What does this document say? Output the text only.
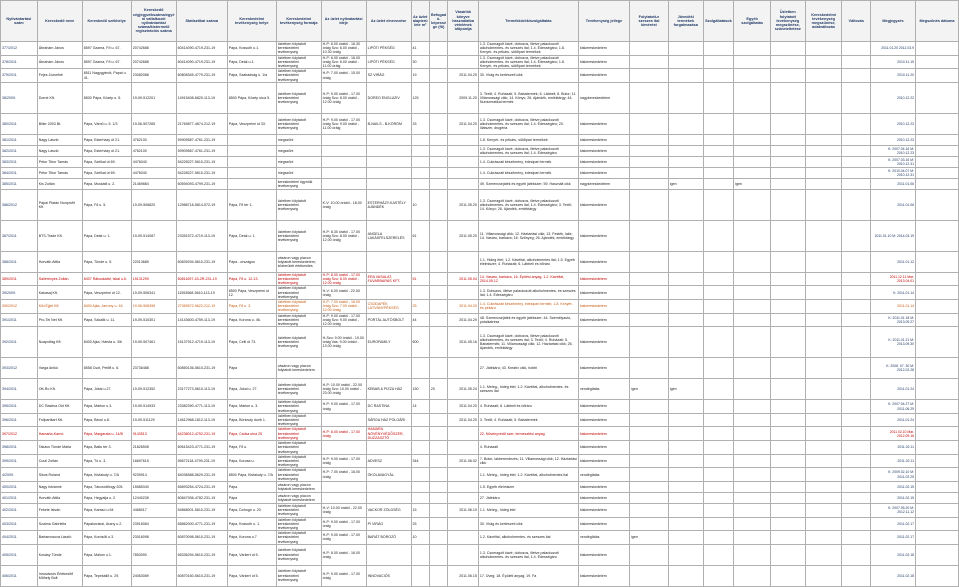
Nyilvántartási szám	Kereskedő neve	Kereskedő székhelye	Kereskedő cégjegyzékszáma/egyéni vállalkozói nyilvántartási száma/kistermelő regisztrációs száma	Statisztikai száma	Kereskedelmi tevékenység helye	Kereskedelmi tevékenység formája	Az üzlet nyitvatartási ideje	Az üzlet elnevezése	Az üzlet alapterülete m²	Befogadó-képessége (fő)	Vásárlók könyve használatba vételének időpontja	Termékkörök/szolgáltatás	Tevékenység jellege	Folytatott-e szeszes ital kimérést	Jövedéki termékek forgalmazása	Szolgáltatások	Egyéb szolgáltatás	Üzletben folytatott tevékenység megszűnése, szüneteltetése	Kereskedelmi tevékenység megszűnése, adatváltozás	Változás	Megjegyzés	Megszűnés dátuma
377/2012	Ábrahám János	8597 Gazma, Fő u. 67.	20742688	60414090-4719-231-19	Pápa, Kossuth u.1.	üzletben folytatott kereskedelmi tevékenység	H-P: 6.00 órától - 16.30 óráig Szo: 6.00 órától - 10.30 óráig	LIPÓTI PÉKSÉG	41			1.3. Csomagolt kávé, dobozos, illetve palackozott alkoholmentes- és szeszes ital; 1.4. Édességáru; 1.8. Kenyér- és pékáru, sütőipari termékek	kiskereskedelem								2011.01.20 2012.03.9	
378/2011	Ábrahám János	8597 Gazma, Fő u. 67.	20742688	60414090-4719-231-19	Pápa, Deák u.1.	üzletben folytatott kereskedelmi tevékenység	H-P: 6.00 órától - 16.00 óráig Szo: 6.00 órától - 11.00 óráig	LIPÓTI PÉKSÉG	30			1.3. Csomagolt kávé, dobozos, illetve palackozott alkoholmentes- és szeszes ital; 1.4. Édességáru; 1.8. Kenyér- és pékáru, sütőipari termékek	kiskereskedelem								2010.11.15	
379/2011	Fejes Józsefné	8511 Nagygyimót, Papai u. 41.	23082088	60808345-4779-231-19	Pápa, Szabadság u. 1/a	üzletben folytatott kereskedelmi tevékenység	H-P: 7.00 órától - 15.00 óráig	SZ VIRÁG	19		2011.04.20	30. Virág és kertészeti cikk	kiskereskedelem								2010.11.20	
38/2009.	Dorné Kft.	8500 Pápa, Közép u. 5.	19-09-512201	14915408-6820-113-19	8500 Pápa, Közép utca 5.	üzletben folytatott kereskedelmi tevékenység	H-P: 9.00 órától - 17.00 óráig Szo: 8.00 órától - 12.00 óráig	DOREO ENGLUZIV	125		2009.11.20	3. Textil; 4. Ruházati; 5. Babatermék; 6. Lábbeli; 8. Bútor; 11. Villamossági cikk; 14. Könyv; 26. Ajándék, emléktárgy; 44. Numizmatikai termék	nagykereskedelem								2010.12.22	
380/2011	Biller 2003 Bt.	Pápa, Vámű u. 5. 1/3	19-06-507265	21769877-4674-212-19	Pápa, Veszprémi út 33.	üzletben folytatott kereskedelmi tevékenység	H-P: 9.00 órától - 17.00 óráig Szo: 9.00 órától - 11.00 óráig	B-NAILS - B-KÖRÖM	33		2011.04.20	1.3. Csomagolt kávé, dobozos, illetve palackozott alkoholmentes- és szeszes ital; 1.4. Édességáru; 20. Illatszer, drogéria	kiskereskedelem								2010.12.23	
381/2011	Nagy László	Pápa, Esterházy út 21.	4762100	59909587-4761-231-19		megszűnt						1.8. Kenyér- és pékáru, sütőipari termékek	kiskereskedelem								2010.12.23	
382/2011	Nagy László	Pápa, Esterházy út 21.	4762100	59909587-4761-231-19		megszűnt						1.3. Csomagolt kávé, dobozos, illetve palackozott alkoholmentes- és szeszes ital; 1.4. Édességáru	kiskereskedelem								K: 2007.04.16 M: 2010.12.23	
383/2011	Pétor Tibor Tamás	Pápa, Szélkai út 69.	4476040	54228227-5610-231-19		megszűnt						1.4. Cukrászati készítmény, édesipari termék	kiskereskedelem								K: 2007.03.16 M: 2010.12.31	
384/2011	Pétor Tibor Tamás	Pápa, Szélkai út 69.	4476040	54228227-5610-231-19		megszűnt						1.4. Cukrászati készítmény, édesipari termék	kiskereskedelem								K: 2010.04.07 M: 2010.12.31	
385/2011	Kis Zoltán	Pápa, Muskátli u. 2.	21469884	60594093-4799-231-19		kereskedelmi ügynöki tevékenység						49. Szerencsejáték és egyéb játékszer; 59. Használt cikk	nagykereskedelem		igen		igen				2011.01.06	
386/2012	Pápai Platán Nonprofit Kft.	Pápa, Fő u. 5.	19-09-506820	12988718-5814-572-19	Pápa, Fő tér 1.	üzletben folytatott kereskedelmi tevékenység	K-V: 10.00 órától - 18.00 óráig	ESTERHÁZY-KASTÉLY AJÁNDÉK	10		2011.05.20	1.3. Csomagolt kávé, dobozos, illetve palackozott alkoholmentes- és szeszes ital; 1.4. Édességáru; 3. Textil; 14. Könyv; 26. Ajándék, emléktárgy	kiskereskedelem								2011.01.06	
387/2011	BTS-Trade Kft.	Pápa, Deák u. 1.	19-09-514087	23351572-4719-113-19	Pápa, Deák u. 1.	üzletben folytatott kereskedelmi tevékenység	H-P: 8.30 órától - 17.00 óráig Szo: 8.00 órától - 12.00 óráig	ANGELA LAKÁSFELSZERELÉS	61		2011.05.20	11. Villamossági cikk; 12. Háztartási cikk; 13. Festék, lakk; 14. Vasáru, barkács; 16. Szőnyeg; 26. Ajándék, emléktárgy	kiskereskedelem								2011.01.10 M: 2014.03.19	
388/2011	Horváth Attila	Pápa, Tünde u. 5.	22013689	60839294-5610-231-19	Pápa - országos	vásáron vagy piacon folytatott kereskedelem; közterületi értékesítés						1.1. Hideg étel; 1.2. Kávéital, alkoholmentes ital; 1.5. Egyéb élelmiszer; 4. Ruházati; 6. Lábbeli és bőráru	kiskereskedelem								2011.01.12	
389/2011	Sallerényes Zoltán	8407 Rákoskafaf, Iskai u.6.	15131299	60811697-43-2R-231-19	Pápa, Fő u. 12-13.	üzletben folytatott kereskedelmi tevékenység	H-P: 8.00 órától - 17.00 óráig Szo: 8.00 órától - 12.00 óráig	ERA VASALAT, FUVARBARÁS KFT.	51		2011.05.04	14. Vasáru, barkács, 16. Építési anyag, 1.2. Kávéital, 2014.05.12	kiskereskedelem								2011.12.11 Mar: 2013.04.01	
39/2009.	Kakasaj Kft.	Pápa, Veszprémi út 12.	19-09-506341	11553568-5610-113-19	8500 Pápa, Veszprémi út 12.	üzletben folytatott kereskedelmi tevékenység	H-V: 6.00 órától - 22.00 óráig					1.3. Dobozos, illetve palackozott alkoholmentes- és szeszes ital; 1.4. Édességáru	kiskereskedelem								K: 2011.01.14	
390/2012	Kiki Éjjeli Kft.	8400 Ajka, Jarruny u. 16.	19-06-506396	27369572-5622-212-19	Pápa, Fő u. 3.	üzletben folytatott kereskedelmi tevékenység	H-P: 7.00 órától - 16.00 óráig Szo: 7.00 órától - 12.00 óráig	CSODAPÉK LÁTVÁNYPÉKSÉG	25		2011.04.20	1.4. Cukrászati készítmény, édesipari termék; 1.8. Kenyér- és pékáru	kiskereskedelem								2011.01.14	
391/2011	Pro-Tel Net Kft.	Pápa, Szkalik u. 11.	19-09-510301	14143600-4759-113-19	Pápa, Korona u. 46.	üzletben folytatott kereskedelmi tevékenység	H-P: 9.00 órától - 17.00 óráig Szo: 9.00 órától - 12.00 óráig	PORTÁL AUTÓSBOLT	44		2011.04.29	48. Szerencsejáték és egyéb játékszer; 44. Személyautó, pótalkatrész	kiskereskedelem								K: 2011.01.18 M: 2013.09.27	
392/2011	Noapolfág Kft.	8400 Ajka, Hársfa u. 3/b	19-09-507461	15137912-4719-113-19	Pápa, Celli út 73.	üzletben folytatott kereskedelmi tevékenység	H-Szo: 9.00 órától - 19.00 óráig Vas: 9.00 órától - 13.00 óráig	EUROFAMILY	600		2011.05.16	1.3. Csomagolt kávé, dobozos, illetve palackozott alkoholmentes- és szeszes ital; 3. Textil; 4. Ruházati; 5. Babatermék; 11. Villamossági cikk; 12. Háztartási cikk; 26. Ajándék, emléktárgy	kiskereskedelem								K: 2011.01.21 M: 2013.09.30	
393/2012	Varga Anikó	8558 Csót, Petőfi u. 6.	23736488	60850136-5610-231-19	Pápa	vásáron vagy piacon folytatott kereskedelem						27. Játékáru; 43. Kreatív cikk, hobbi	kiskereskedelem								K: 2008. 07. 30 M: 2012.02.28	
394/2011	Ott-Ro Kft.	Pápa, Jókai u.27.	19-09-512352	23177273-5610-113-19	Pápa, Jókai u. 27.	üzletben folytatott kereskedelmi tevékenység	H-P: 10.00 órától - 22.00 óráig Szo: 10.00 órától - 23.00 óráig	KEBAB & PIZZA HÁZ	150	20	2011.05.24	1.1. Meleg-, hideg étel; 1.2. Kávéital, alkoholmentes- és szeszes ital	vendéglátás	igen	igen						2011.01.24	
395/2011	DC Rastina Old Kft.	Pápa, Márton u.3.	19-09-514933	23382390-4771-113-19	Pápa, Márton u. 3.	üzletben folytatott kereskedelmi tevékenység	H-P: 9.00 órától - 17.00 óráig	DC RASTINA	14		2011.04.20	4. Ruházati; 6. Lábbeli és bőráru	kiskereskedelem								K: 2007.04.27 M: 2011.06.29	
396/2011	Fullpartkart Kft.	Pápa, Bécsi u.8.	19-09-511129	14612968-1812-113-19	Pápa, Bóricsdy donb 1.	üzletben folytatott kereskedelmi tevékenység		SÁRGA HÁZ POLGÁRI			2011.04.20	3. Textil; 4. Ruházati; 5. Babatermék	kiskereskedelem								2011.01.24	
397/2012	Hamarta-Karnó	Pápa, Margarata u. 14/B	9143513	64238012-4752-231-19	Pápa, Csóka utca 25	üzletben folytatott kereskedelmi tevékenység	H-P: 8.00 órától - 17.00 óráig	HAMARA NÖVÉNYVÉDŐSZER, DUZZASZTÓ				22. Növényvédő szer, termesztési anyag	kiskereskedelem								2011.02.10 Mar. 2012.09.16	
398/2011	Takács Tünde Mária	Pápa, Baltu tér 3.	21826508	60615423-4771-231-19	Pápa, Fő u.	üzletben folytatott kereskedelmi tevékenység						4. Ruházati	kiskereskedelem								2011.02.11	
399/2011	Cuuli Zoltán	Pápa, Tó u. 3.	16697615	55672118-4799-231-19	Pápa, Korosa u.	üzletben folytatott kereskedelmi tevékenység	H-P: 9.00 órától - 17.00 óráig	ADVESZ	344		2011.06.02	7. Bútor, lakberendezés; 11. Villamossági cikk; 12. Háztartási cikk	kiskereskedelem								2011.02.11	
4/2009.	Sikos Roland	Pápa, Kisfaludy u. 7/A	9239914	64036588-5629-231-19	8500 Pápa, Kisfaludy u. 7/A	üzletben folytatott kereskedelmi tevékenység	H-P: 7.00 órától - 16.00 óráig	ÖKOLAVAGYÁL				1.1. Meleg-, hideg étel; 1.2. Kávéital, alkoholmentes ital	vendéglátás								K: 2009.02.10 M: 2011.02.25	
400/2011	Nagy Istvánné	Pápa, Táncsótlöngy 205.	15585340	65893254-4724-231-19	Pápa	vásáron vagy piacon folytatott kereskedelem						1.5. Egyéb élelmiszer	kiskereskedelem								2011.02.15	
401/2011	Horváth Attila	Pápa, Hegyalja u. 2.	12440238	60847936-4782-231-19	Pápa	vásáron vagy piacon folytatott kereskedelem						27. Játékáru	kiskereskedelem								2011.02.15	
402/2011	Fekete István	Pápa, Karasó u.54	4468017	54868001-5610-231-19	Pápa, Dohogó u. 20.	üzletben folytatott kereskedelmi tevékenység	H-V: 10.00 órától - 22.00 óráig	VACKOR ZÖLDSÉG	15		2011.06.10	1.1. Meleg-, hideg étel	kiskereskedelem								K: 2007.05.20 M: 2012.11.12	
403/2011	Szalma Gabriella	Pápakovácsi, Arany u.2.	23916084	65862000-4771-231-19	Pápa, Kossuth u. 1.	üzletben folytatott kereskedelmi tevékenység	H-P: 9.00 órától - 17.00 óráig	PI VIRÁG	25			30. Virág és kertészeti cikk	kiskereskedelem								2011.02.17	
404/2011	Bartamosova László	Pápa, Korósöli u.3.	23016098	60870098-5610-231-19	Pápa, Korona u.7	üzletben folytatott kereskedelmi tevékenység	H-P: 9.00 órától - 17.00 óráig	BARÁT BOROZÓ	10			1.2. Kávéital, alkoholmentes- és szeszes ital	vendéglátás	igen							2011.02.17	
405/2011	Kosásy Tünde	Pápa, Malom u.1.	7853090	65336294-5610-231-19	Pápa, Várkert út 5.	üzletben folytatott kereskedelmi tevékenység	H-P: 8.00 órától - 16.00 óráig					1.3. Csomagolt kávé, dobozos, illetve palackozott alkoholmentes- és szeszes ital; 1.4. Édességáru	kiskereskedelem								2011.02.18	
406/2011	Innovációs Értékesítő Műhely Bolt	Pápa, Tepekállő u. 29.	24063089	60870160-5610-231-19	Pápa, Várkert út 5.	üzletben folytatott kereskedelmi tevékenység	H-P: 9.00 órától - 17.00 óráig	INNOVACIÓS			2011.06.15	17. Üveg; 18. Épületi anyag; 19. Fa	kiskereskedelem								2011.02.18	
